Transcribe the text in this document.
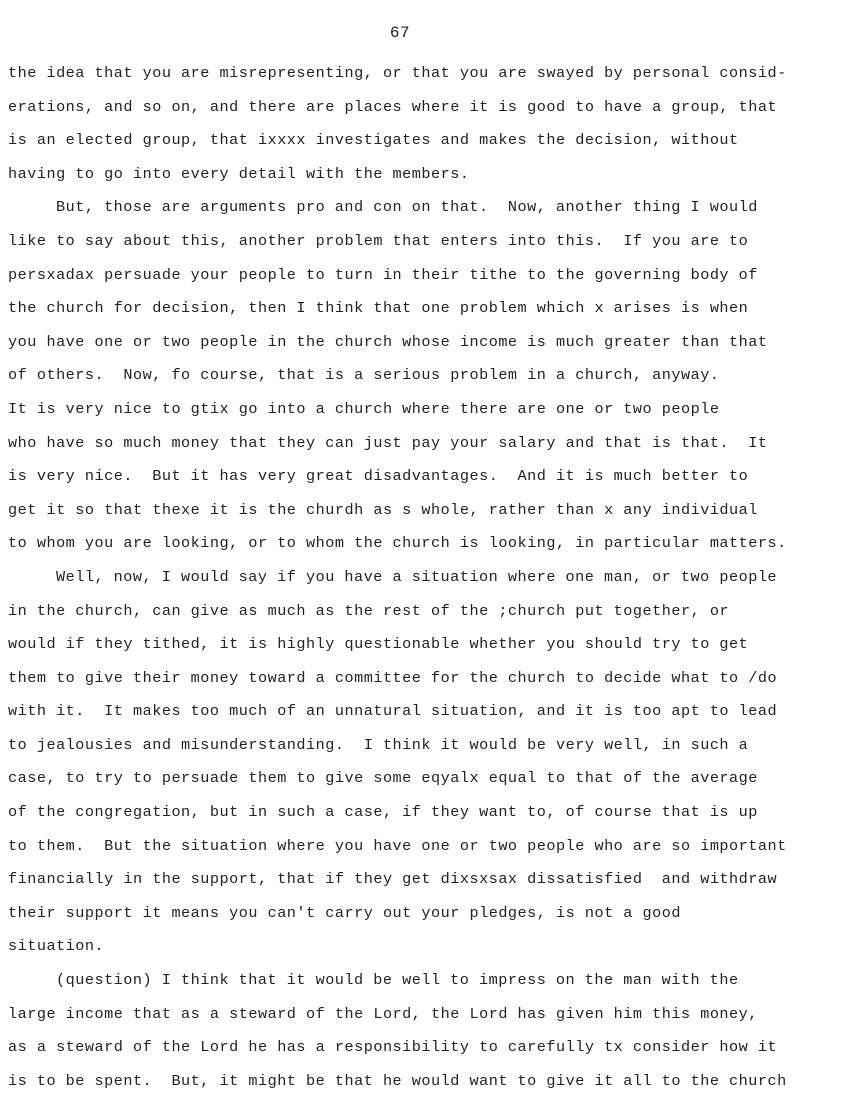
67
the idea that you are misrepresenting, or that you are swayed by personal consid-
erations, and so on, and there are places where it is good to have a group, that
is an elected group, that ixxxx investigates and makes the decision, without
having to go into every detail with the members.
But, those are arguments pro and con on that.  Now, another thing I would
like to say about this, another problem that enters into this.  If you are to
persxadax persuade your people to turn in their tithe to the governing body of
the church for decision, then I think that one problem which x arises is when
you have one or two people in the church whose income is much greater than that
of others.  Now, fo course, that is a serious problem in a church, anyway.
It is very nice to gtix go into a church where there are one or two people
who have so much money that they can just pay your salary and that is that.  It
is very nice.  But it has very great disadvantages.  And it is much better to
get it so that thexe it is the churdh as s whole, rather than x any individual
to whom you are looking, or to whom the church is looking, in particular matters.
Well, now, I would say if you have a situation where one man, or two people
in the church, can give as much as the rest of the ;church put together, or
would if they tithed, it is highly questionable whether you should try to get
them to give their money toward a committee for the church to decide what to /do
with it.  It makes too much of an unnatural situation, and it is too apt to lead
to jealousies and misunderstanding.  I think it would be very well, in such a
case, to try to persuade them to give some eqyalx equal to that of the average
of the congregation, but in such a case, if they want to, of course that is up
to them.  But the situation where you have one or two people who are so important
financially in the support, that if they get dixsxsax dissatisfied  and withdraw
their support it means you can't carry out your pledges, is not a good
situation.
(question) I think that it would be well to impress on the man with the
large income that as a steward of the Lord, the Lord has given him this money,
as a steward of the Lord he has a responsibility to carefully tx consider how it
is to be spent.  But, it might be that he would want to give it all to the church
